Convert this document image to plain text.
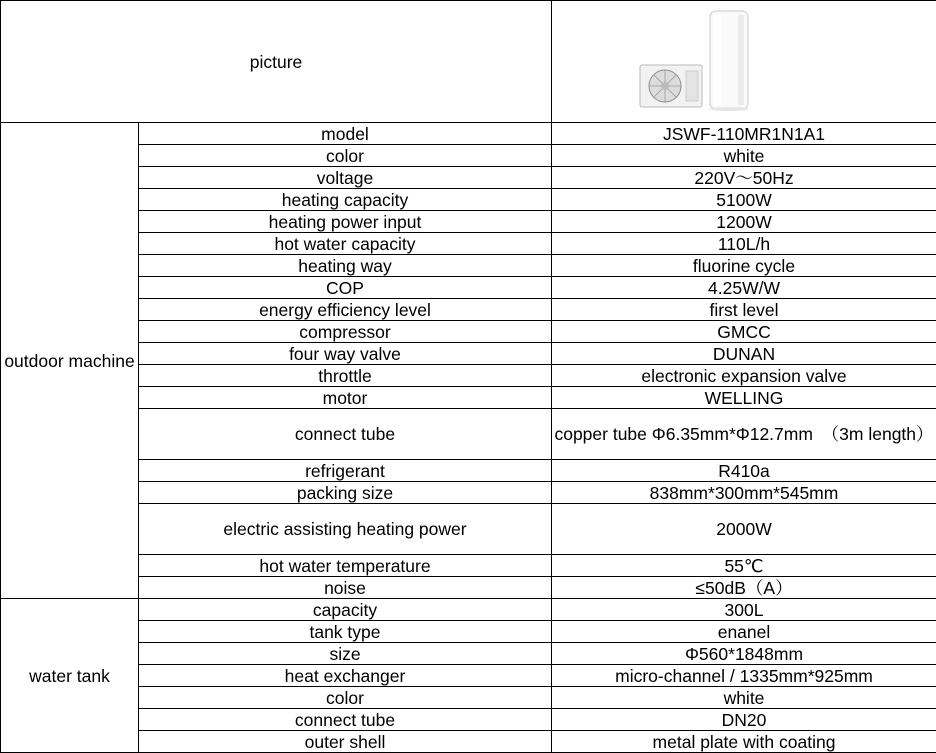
picture	

outdoor machine	model	JSWF-110MR1N1A1
	color	white
	voltage	220V～50Hz
	heating capacity	5100W
	heating power input	1200W
	hot water capacity	110L/h
	heating way	fluorine cycle
	COP	4.25W/W
	energy efficiency level	first level
	compressor	GMCC
	four way valve	DUNAN
	throttle	electronic expansion valve
	motor	WELLING
	connect tube	copper tube Φ6.35mm*Φ12.7mm　（3m length）
	refrigerant	R410a
	packing size	838mm*300mm*545mm
	electric assisting heating power	2000W
	hot water temperature	55℃
	noise	≤50dB（A）
water tank	capacity	300L
	tank type	enanel
	size	Φ560*1848mm
	heat exchanger	micro-channel / 1335mm*925mm
	color	white
	connect tube	DN20
	outer shell	metal plate with coating
